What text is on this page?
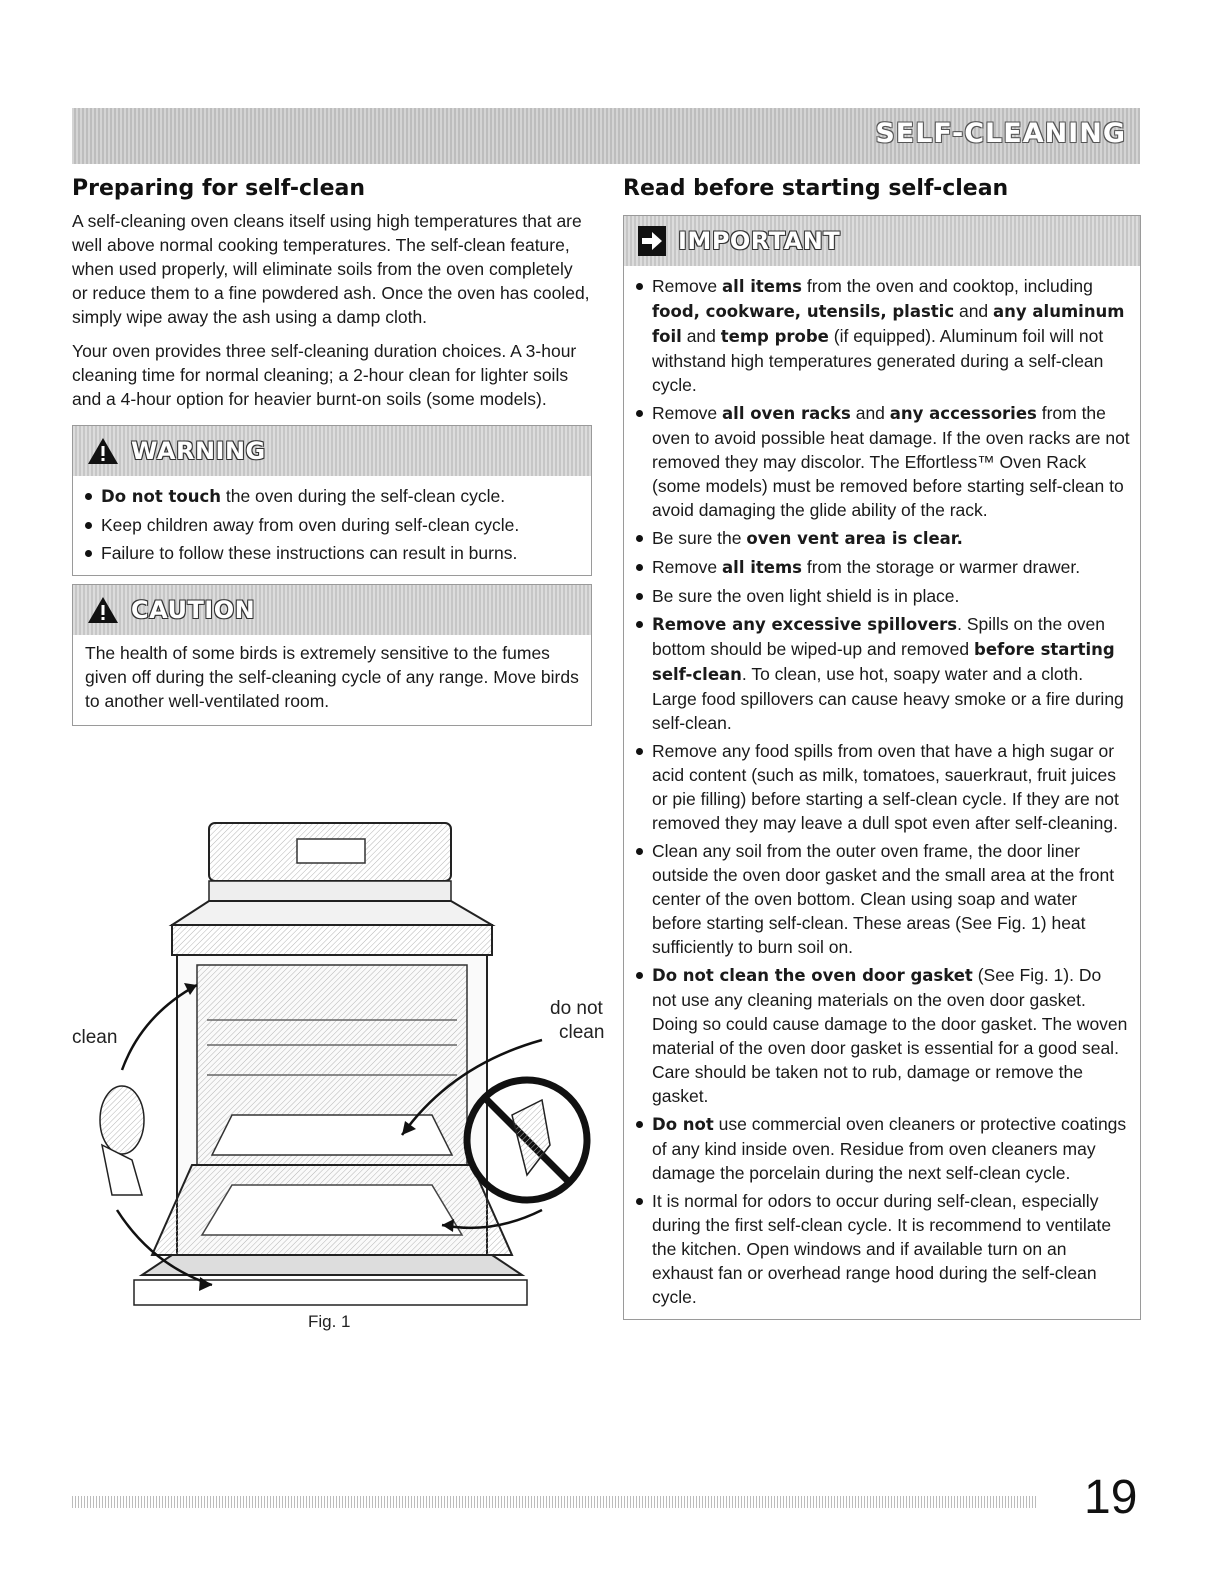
SELF-CLEANING
Preparing for self-clean

A self-cleaning oven cleans itself using high temperatures that are well above normal cooking temperatures. The self-clean feature, when used properly, will eliminate soils from the oven completely or reduce them to a fine powdered ash. Once the oven has cooled, simply wipe away the ash using a damp cloth.

Your oven provides three self-cleaning duration choices. A 3-hour cleaning time for normal cleaning; a 2-hour clean for lighter soils and a 4-hour option for heavier burnt-on soils (some models).

WARNING
Do not touch the oven during the self-clean cycle.
Keep children away from oven during self-clean cycle.
Failure to follow these instructions can result in burns.
CAUTION
The health of some birds is extremely sensitive to the fumes given off during the self-cleaning cycle of any range. Move birds to another well-ventilated room.
clean
do not
clean
Fig. 1
Read before starting self-clean
IMPORTANT
Remove all items from the oven and cooktop, including food, cookware, utensils, plastic and any aluminum foil and temp probe (if equipped). Aluminum foil will not withstand high temperatures generated during a self-clean cycle.
Remove all oven racks and any accessories from the oven to avoid possible heat damage. If the oven racks are not removed they may discolor. The Effortless™ Oven Rack (some models) must be removed before starting self-clean to avoid damaging the glide ability of the rack.
Be sure the oven vent area is clear.
Remove all items from the storage or warmer drawer.
Be sure the oven light shield is in place.
Remove any excessive spillovers. Spills on the oven bottom should be wiped-up and removed before starting self-clean. To clean, use hot, soapy water and a cloth. Large food spillovers can cause heavy smoke or a fire during self-clean.
Remove any food spills from oven that have a high sugar or acid content (such as milk, tomatoes, sauerkraut, fruit juices or pie filling) before starting a self-clean cycle. If they are not removed they may leave a dull spot even after self-cleaning.
Clean any soil from the outer oven frame, the door liner outside the oven door gasket and the small area at the front center of the oven bottom. Clean using soap and water before starting self-clean. These areas (See Fig. 1) heat sufficiently to burn soil on.
Do not clean the oven door gasket (See Fig. 1). Do not use any cleaning materials on the oven door gasket. Doing so could cause damage to the door gasket. The woven material of the oven door gasket is essential for a good seal. Care should be taken not to rub, damage or remove the gasket.
Do not use commercial oven cleaners or protective coatings of any kind inside oven. Residue from oven cleaners may damage the porcelain during the next self-clean cycle.
It is normal for odors to occur during self-clean, especially during the first self-clean cycle. It is recommend to ventilate the kitchen. Open windows and if available turn on an exhaust fan or overhead range hood during the self-clean cycle.
19
